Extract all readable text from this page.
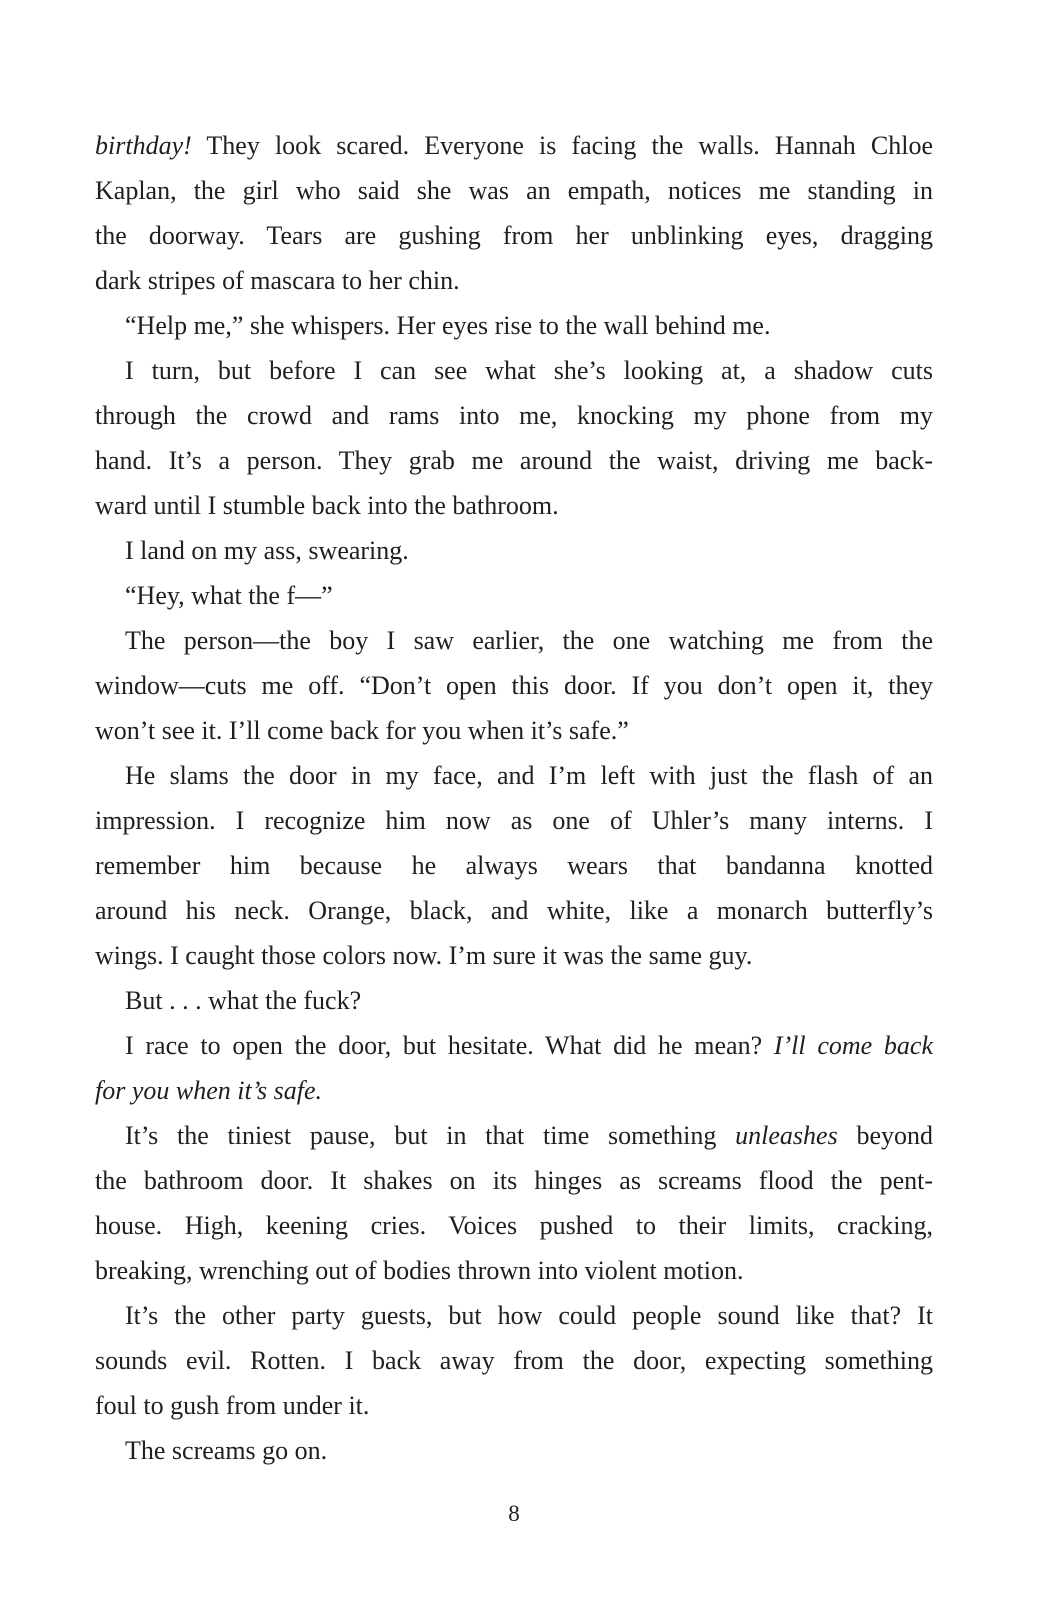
birthday! They look scared. Everyone is facing the walls. Hannah Chloe
Kaplan, the girl who said she was an empath, notices me standing in
the doorway. Tears are gushing from her unblinking eyes, dragging
dark stripes of mascara to her chin.

“Help me,” she whispers. Her eyes rise to the wall behind me.

I turn, but before I can see what she’s looking at, a shadow cuts
through the crowd and rams into me, knocking my phone from my
hand. It’s a person. They grab me around the waist, driving me back-
ward until I stumble back into the bathroom.

I land on my ass, swearing.

“Hey, what the f—”

The person—the boy I saw earlier, the one watching me from the
window—cuts me off. “Don’t open this door. If you don’t open it, they
won’t see it. I’ll come back for you when it’s safe.”

He slams the door in my face, and I’m left with just the flash of an
impression. I recognize him now as one of Uhler’s many interns. I
remember him because he always wears that bandanna knotted
around his neck. Orange, black, and white, like a monarch butterfly’s
wings. I caught those colors now. I’m sure it was the same guy.

But . . . what the fuck?

I race to open the door, but hesitate. What did he mean? I’ll come back
for you when it’s safe.

It’s the tiniest pause, but in that time something unleashes beyond
the bathroom door. It shakes on its hinges as screams flood the pent-
house. High, keening cries. Voices pushed to their limits, cracking,
breaking, wrenching out of bodies thrown into violent motion.

It’s the other party guests, but how could people sound like that? It
sounds evil. Rotten. I back away from the door, expecting something
foul to gush from under it.

The screams go on.

8
